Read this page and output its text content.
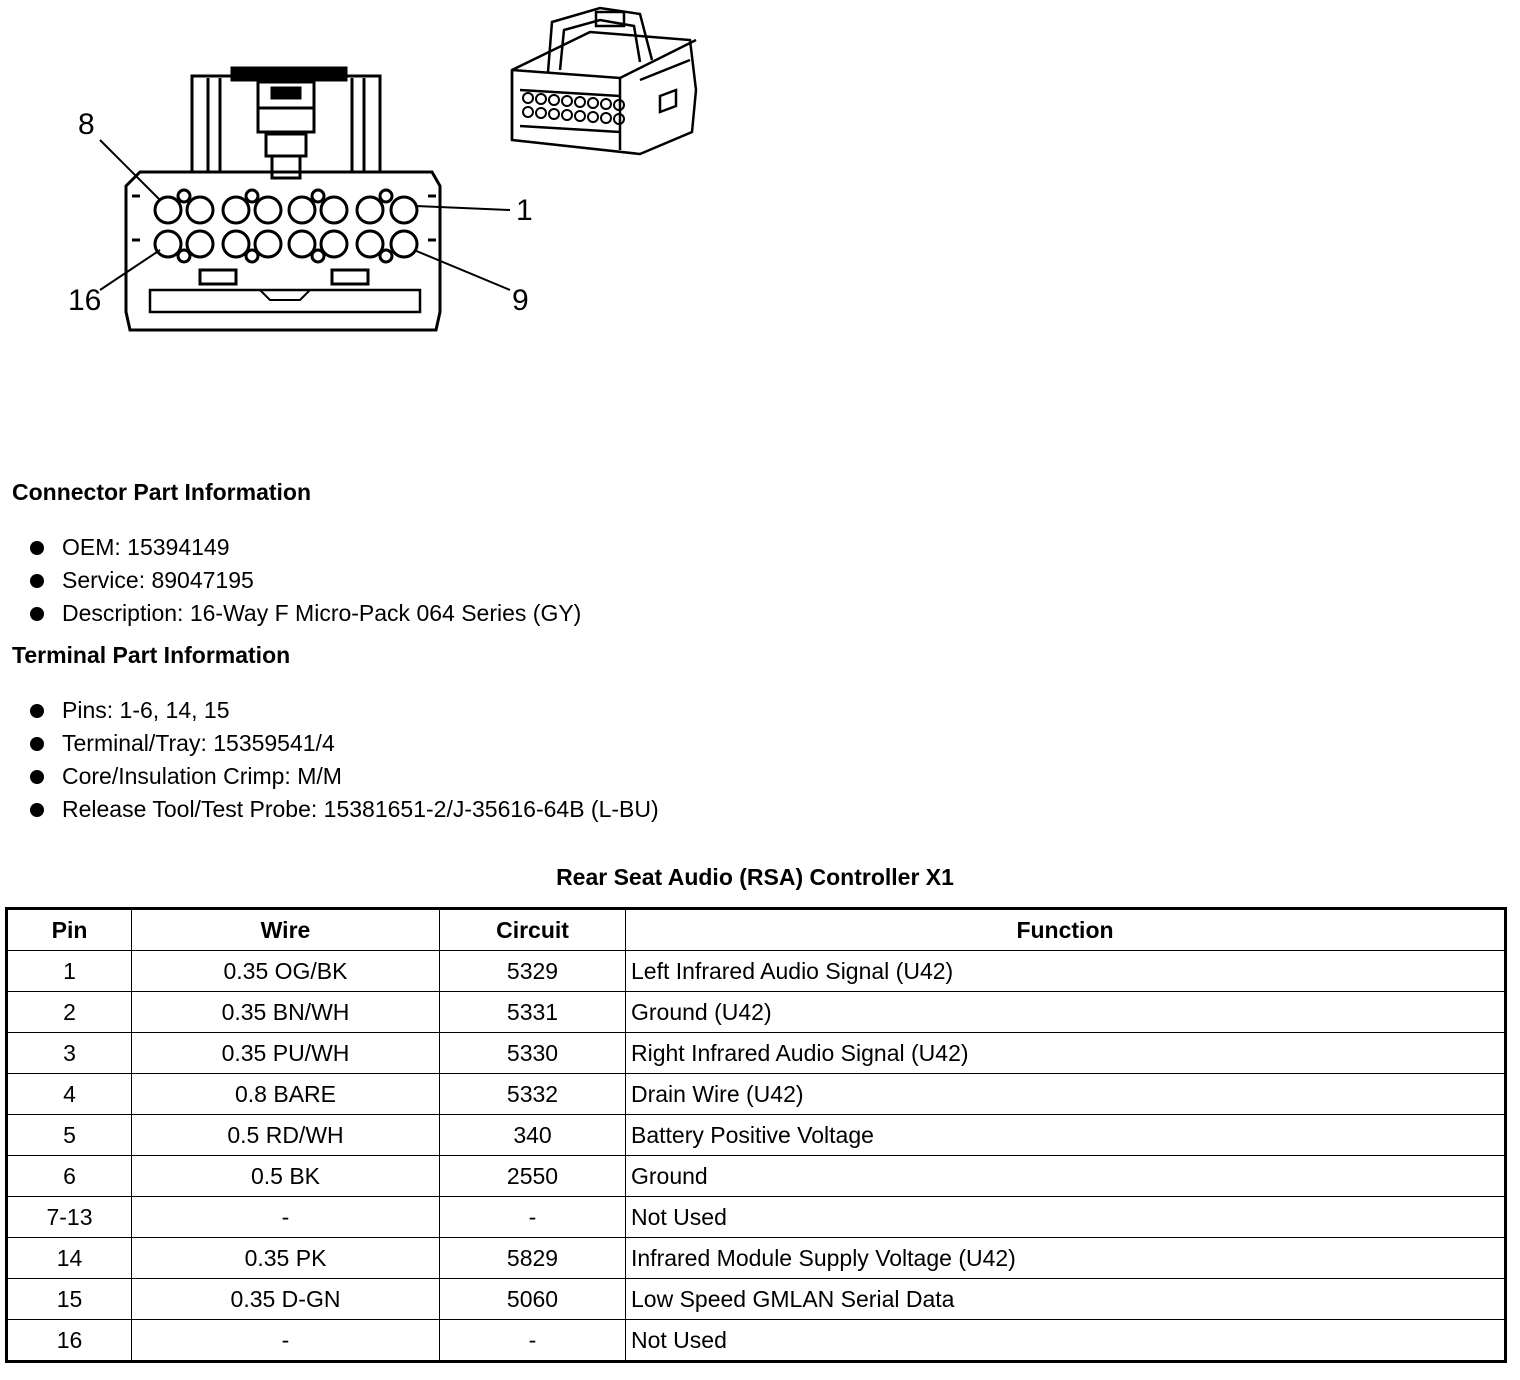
8
1
16	9
Connector Part Information
OEM: 15394149
Service: 89047195
Description: 16-Way F Micro-Pack 064 Series (GY)
Terminal Part Information
Pins: 1-6, 14, 15
Terminal/Tray: 15359541/4
Core/Insulation Crimp: M/M
Release Tool/Test Probe: 15381651-2/J-35616-64B (L-BU)
Rear Seat Audio (RSA) Controller X1
Pin	Wire	Circuit	Function
1	0.35 OG/BK	5329	Left Infrared Audio Signal (U42)
2	0.35 BN/WH	5331	Ground (U42)
3	0.35 PU/WH	5330	Right Infrared Audio Signal (U42)
4	0.8 BARE	5332	Drain Wire (U42)
5	0.5 RD/WH	340	Battery Positive Voltage
6	0.5 BK	2550	Ground
7-13	-	-	Not Used
14	0.35 PK	5829	Infrared Module Supply Voltage (U42)
15	0.35 D-GN	5060	Low Speed GMLAN Serial Data
16	-	-	Not Used
